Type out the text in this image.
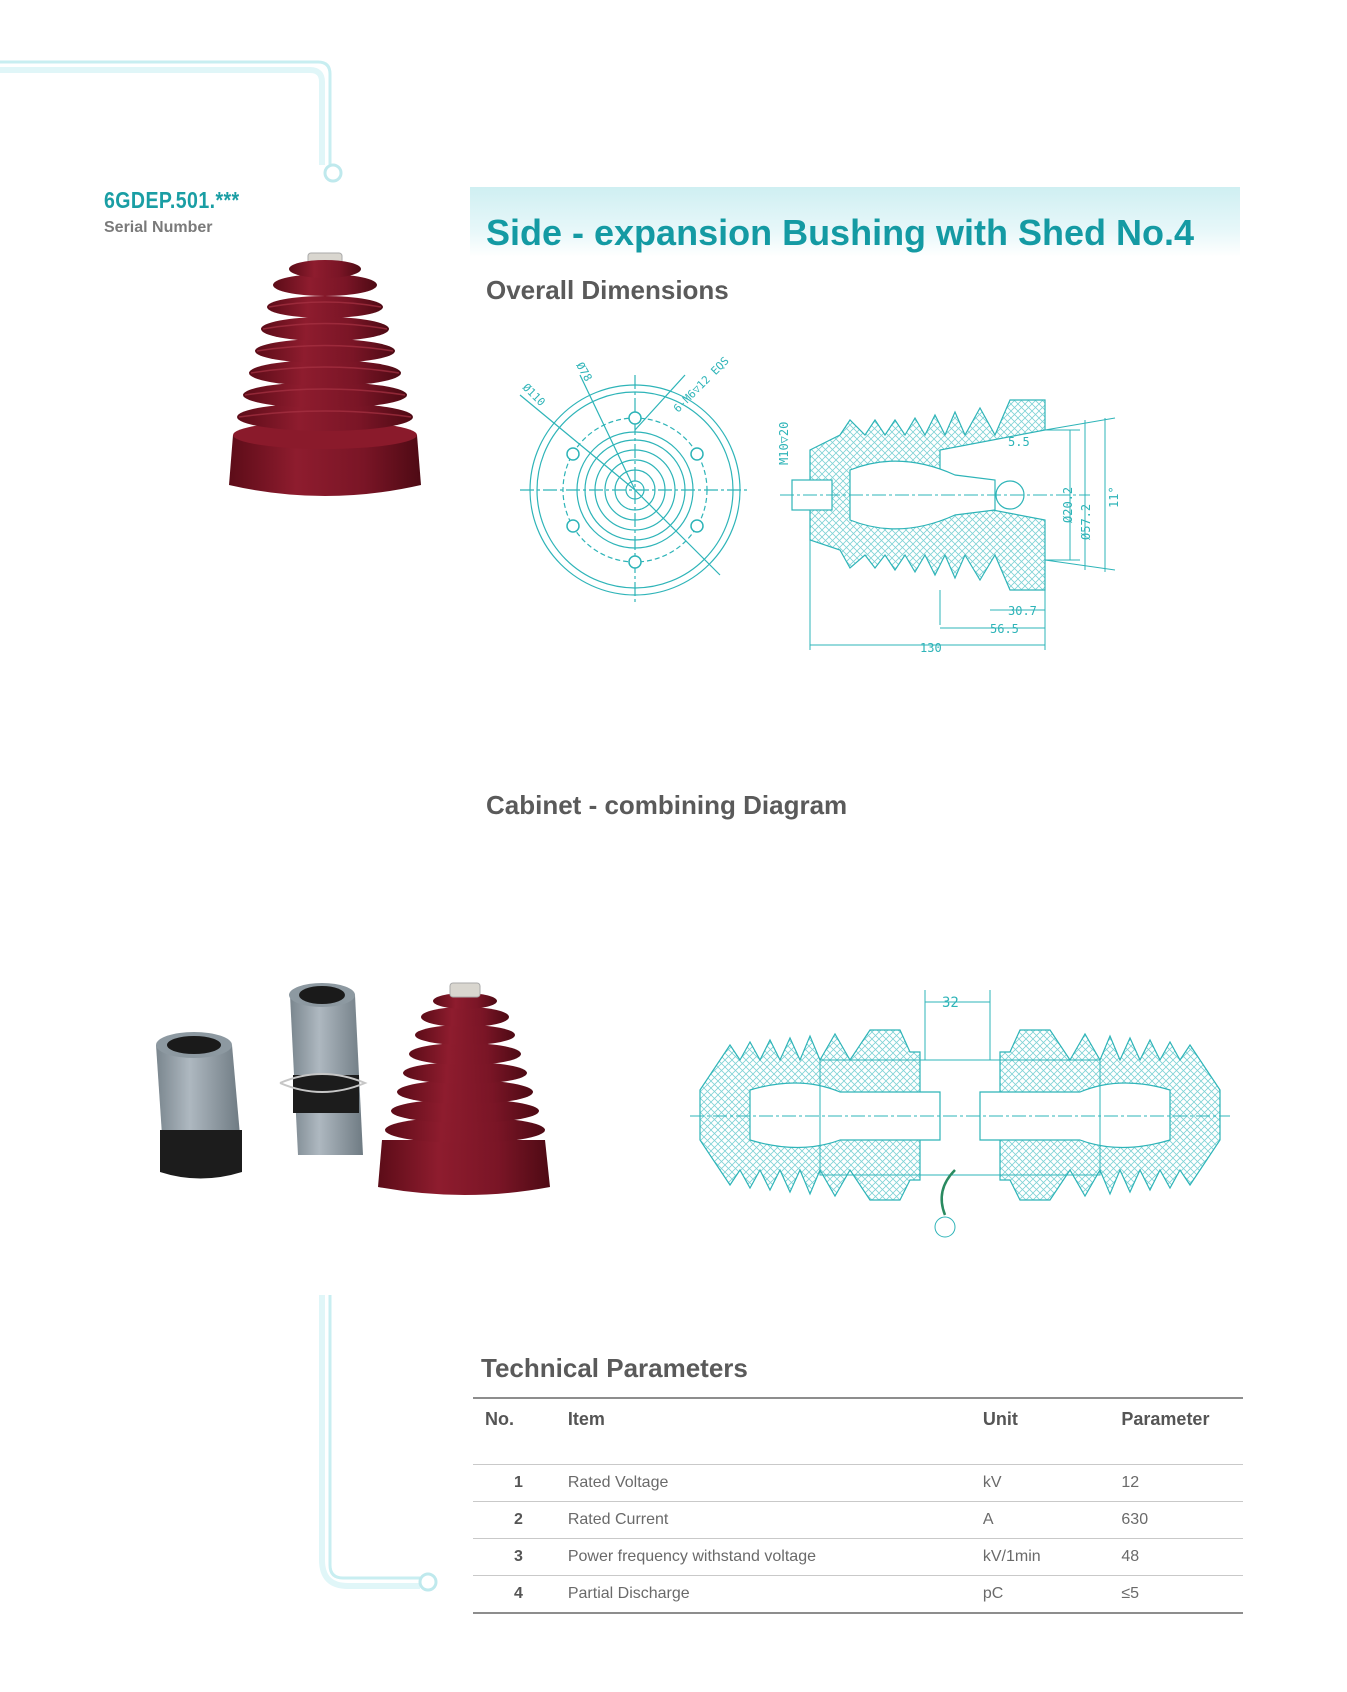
6GDEP.501.***
Serial Number	Side - expansion Bushing with Shed No.4
Overall Dimensions
Ø78
Ø110	6-M6▽12 EQS
M10▽20	5.5
Ø20.2 Ø57.2
11°
30.7
56.5
130
Cabinet - combining Diagram
32
Technical Parameters
No.	Item	Unit	Parameter
1	Rated Voltage	kV	12
2	Rated Current	A	630
3	Power frequency withstand voltage	kV/1min	48
4	Partial Discharge	pC	≤5
